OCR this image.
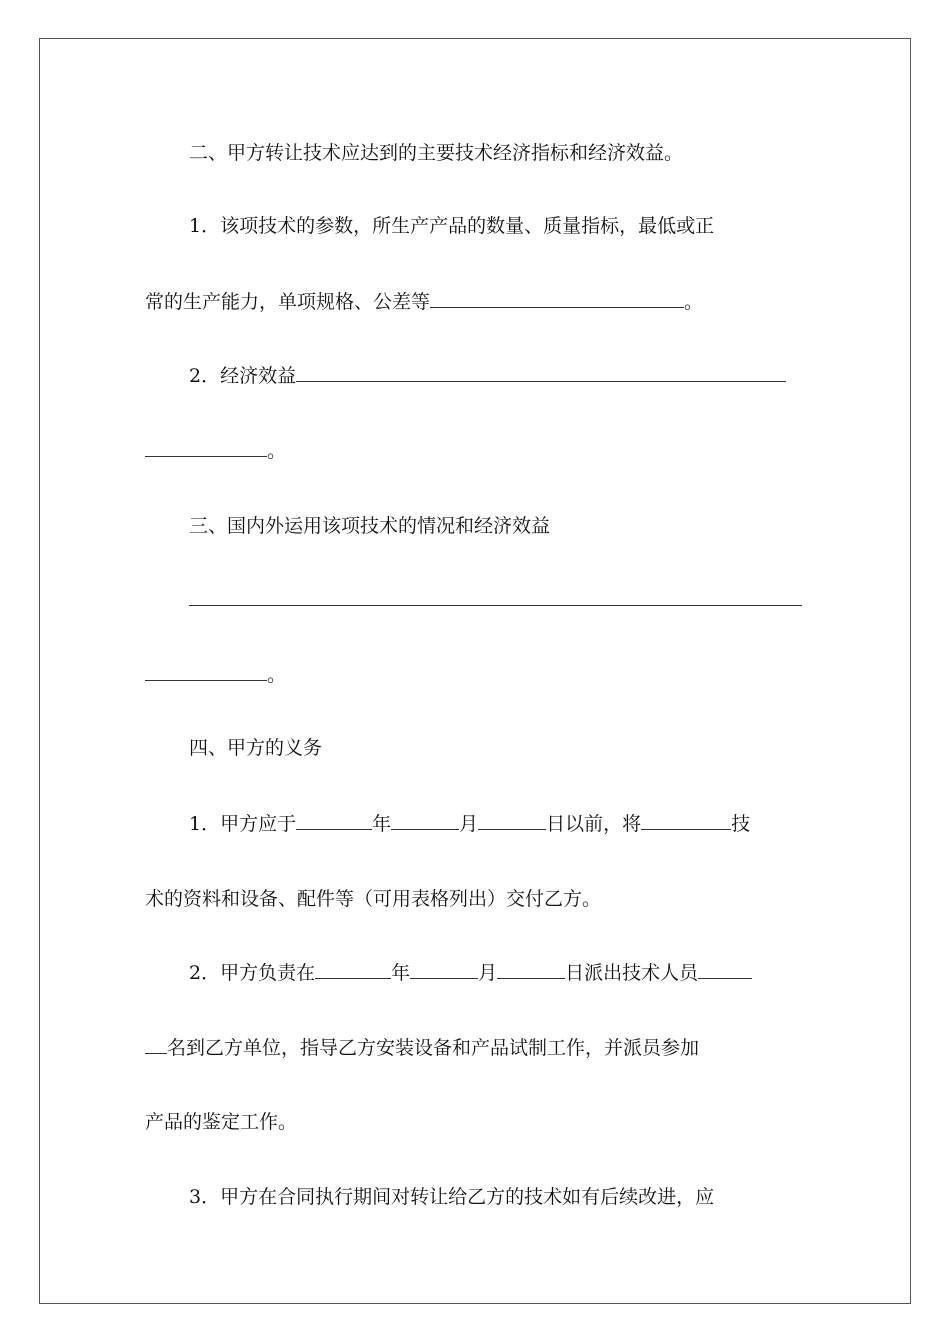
二、甲方转让技术应达到的主要技术经济指标和经济效益。
1．该项技术的参数，所生产产品的数量、质量指标，最低或正
常的生产能力，单项规格、公差等	。
2．经济效益
。
三、国内外运用该项技术的情况和经济效益
。
四、甲方的义务
1．甲方应于	年	月	日以前，将	技
术的资料和设备、配件等（可用表格列出）交付乙方。
2．甲方负责在	年	月	日派出技术人员
名到乙方单位，指导乙方安装设备和产品试制工作，并派员参加
产品的鉴定工作。
3．甲方在合同执行期间对转让给乙方的技术如有后续改进，应
